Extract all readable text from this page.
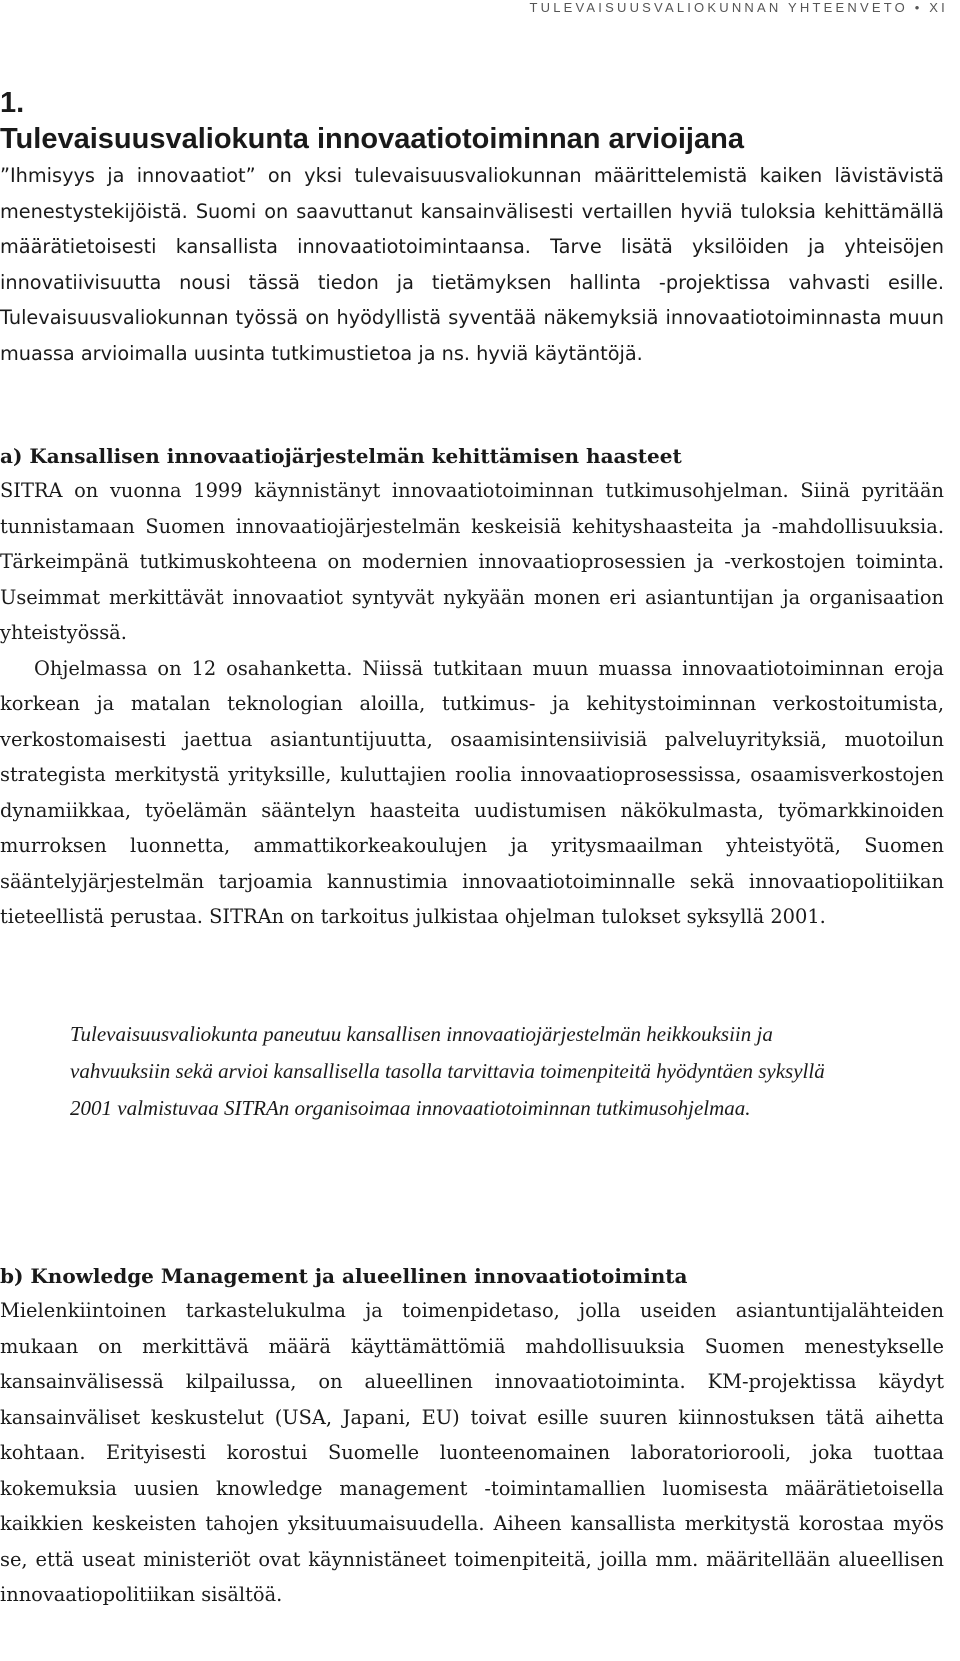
TULEVAISUUSVALIOKUNNAN YHTEENVETO • XI
1.
Tulevaisuusvaliokunta innovaatiotoiminnan arvioijana

”Ihmisyys ja innovaatiot” on yksi tulevaisuusvaliokunnan määrittelemistä kaiken lävistävistä menestystekijöistä. Suomi on saavuttanut kansainvälisesti vertaillen hyviä tuloksia kehittämällä määrätietoisesti kansallista innovaatiotoimintaansa. Tarve lisätä yksilöiden ja yhteisöjen innovatiivisuutta nousi tässä tiedon ja tietämyksen hallinta -projektissa vahvasti esille. Tulevaisuusvaliokunnan työssä on hyödyllistä syventää näkemyksiä innovaatiotoiminnasta muun muassa arvioimalla uusinta tutkimustietoa ja ns. hyviä käytäntöjä.

a) Kansallisen innovaatiojärjestelmän kehittämisen haasteet

SITRA on vuonna 1999 käynnistänyt innovaatiotoiminnan tutkimusohjelman. Siinä pyritään tunnistamaan Suomen innovaatiojärjestelmän keskeisiä kehityshaasteita ja -mahdollisuuksia. Tärkeimpänä tutkimuskohteena on modernien innovaatioprosessien ja -verkostojen toiminta. Useimmat merkittävät innovaatiot syntyvät nykyään monen eri asiantuntijan ja organisaation yhteistyössä.

Ohjelmassa on 12 osahanketta. Niissä tutkitaan muun muassa innovaatiotoiminnan eroja korkean ja matalan teknologian aloilla, tutkimus- ja kehitystoiminnan verkostoitumista, verkostomaisesti jaettua asiantuntijuutta, osaamisintensiivisiä palveluyrityksiä, muotoilun strategista merkitystä yrityksille, kuluttajien roolia innovaatioprosessissa, osaamisverkostojen dynamiikkaa, työelämän sääntelyn haasteita uudistumisen näkökulmasta, työmarkkinoiden murroksen luonnetta, ammattikorkeakoulujen ja yritysmaailman yhteistyötä, Suomen sääntelyjärjestelmän tarjoamia kannustimia innovaatiotoiminnalle sekä innovaatiopolitiikan tieteellistä perustaa. SITRAn on tarkoitus julkistaa ohjelman tulokset syksyllä 2001.

Tulevaisuusvaliokunta paneutuu kansallisen innovaatiojärjestelmän heikkouksiin ja vahvuuksiin sekä arvioi kansallisella tasolla tarvittavia toimenpiteitä hyödyntäen syksyllä 2001 valmistuvaa SITRAn organisoimaa innovaatiotoiminnan tutkimusohjelmaa.

b) Knowledge Management ja alueellinen innovaatiotoiminta

Mielenkiintoinen tarkastelukulma ja toimenpidetaso, jolla useiden asiantuntijalähteiden mukaan on merkittävä määrä käyttämättömiä mahdollisuuksia Suomen menestykselle kansainvälisessä kilpailussa, on alueellinen innovaatiotoiminta. KM-projektissa käydyt kansainväliset keskustelut (USA, Japani, EU) toivat esille suuren kiinnostuksen tätä aihetta kohtaan. Erityisesti korostui Suomelle luonteenomainen laboratoriorooli, joka tuottaa kokemuksia uusien knowledge management -toimintamallien luomisesta määrätietoisella kaikkien keskeisten tahojen yksituumaisuudella. Aiheen kansallista merkitystä korostaa myös se, että useat ministeriöt ovat käynnistäneet toimenpiteitä, joilla mm. määritellään alueellisen innovaatiopolitiikan sisältöä.
